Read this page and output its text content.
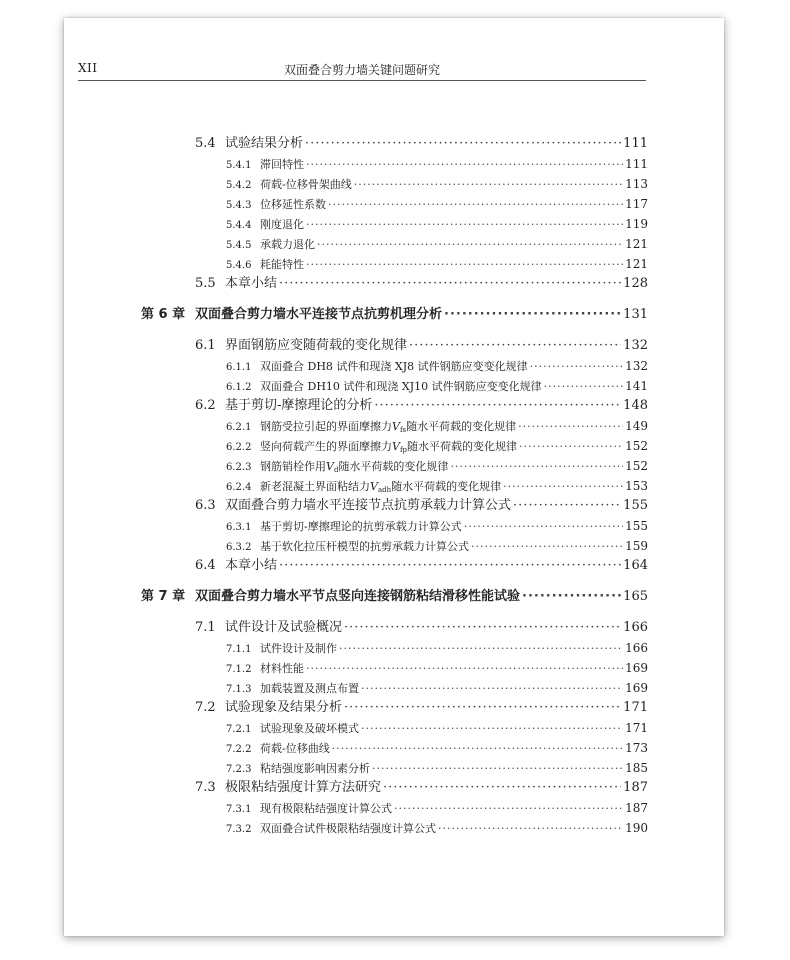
XII	双面叠合剪力墙关键问题研究
5.4 试验结果分析 ·····	111
5.4.1 滞回特性 ·····	111
5.4.2 荷载-位移骨架曲线 ·····	113
5.4.3 位移延性系数 ·····	117
5.4.4 刚度退化 ·····	119
5.4.5 承载力退化 ·····	121
5.4.6 耗能特性 ·····	121
5.5 本章小结 ·····	128
第 6 章 双面叠合剪力墙水平连接节点抗剪机理分析 ·····	131
6.1 界面钢筋应变随荷载的变化规律 ·····	132
6.1.1 双面叠合 DH8 试件和现浇 XJ8 试件钢筋应变变化规律 ·····	132
6.1.2 双面叠合 DH10 试件和现浇 XJ10 试件钢筋应变变化规律 ·····	141
6.2 基于剪切-摩擦理论的分析 ·····	148
6.2.1 钢筋受拉引起的界面摩擦力$V_{fs}$随水平荷载的变化规律 ·····	149
6.2.2 竖向荷载产生的界面摩擦力$V_{fp}$随水平荷载的变化规律 ·····	152
6.2.3 钢筋销栓作用$V_d$随水平荷载的变化规律 ·····	152
6.2.4 新老混凝土界面粘结力$V_{adh}$随水平荷载的变化规律 ·····	153
6.3 双面叠合剪力墙水平连接节点抗剪承载力计算公式 ·····	155
6.3.1 基于剪切-摩擦理论的抗剪承载力计算公式 ·····	155
6.3.2 基于软化拉压杆模型的抗剪承载力计算公式 ·····	159
6.4 本章小结 ·····	164
第 7 章 双面叠合剪力墙水平节点竖向连接钢筋粘结滑移性能试验 ·····	165
7.1 试件设计及试验概况 ·····	166
7.1.1 试件设计及制作 ·····	166
7.1.2 材料性能 ·····	169
7.1.3 加载装置及测点布置 ·····	169
7.2 试验现象及结果分析 ·····	171
7.2.1 试验现象及破坏模式 ·····	171
7.2.2 荷载-位移曲线 ·····	173
7.2.3 粘结强度影响因素分析 ·····	185
7.3 极限粘结强度计算方法研究 ·····	187
7.3.1 现有极限粘结强度计算公式 ·····	187
7.3.2 双面叠合试件极限粘结强度计算公式 ·····	190
